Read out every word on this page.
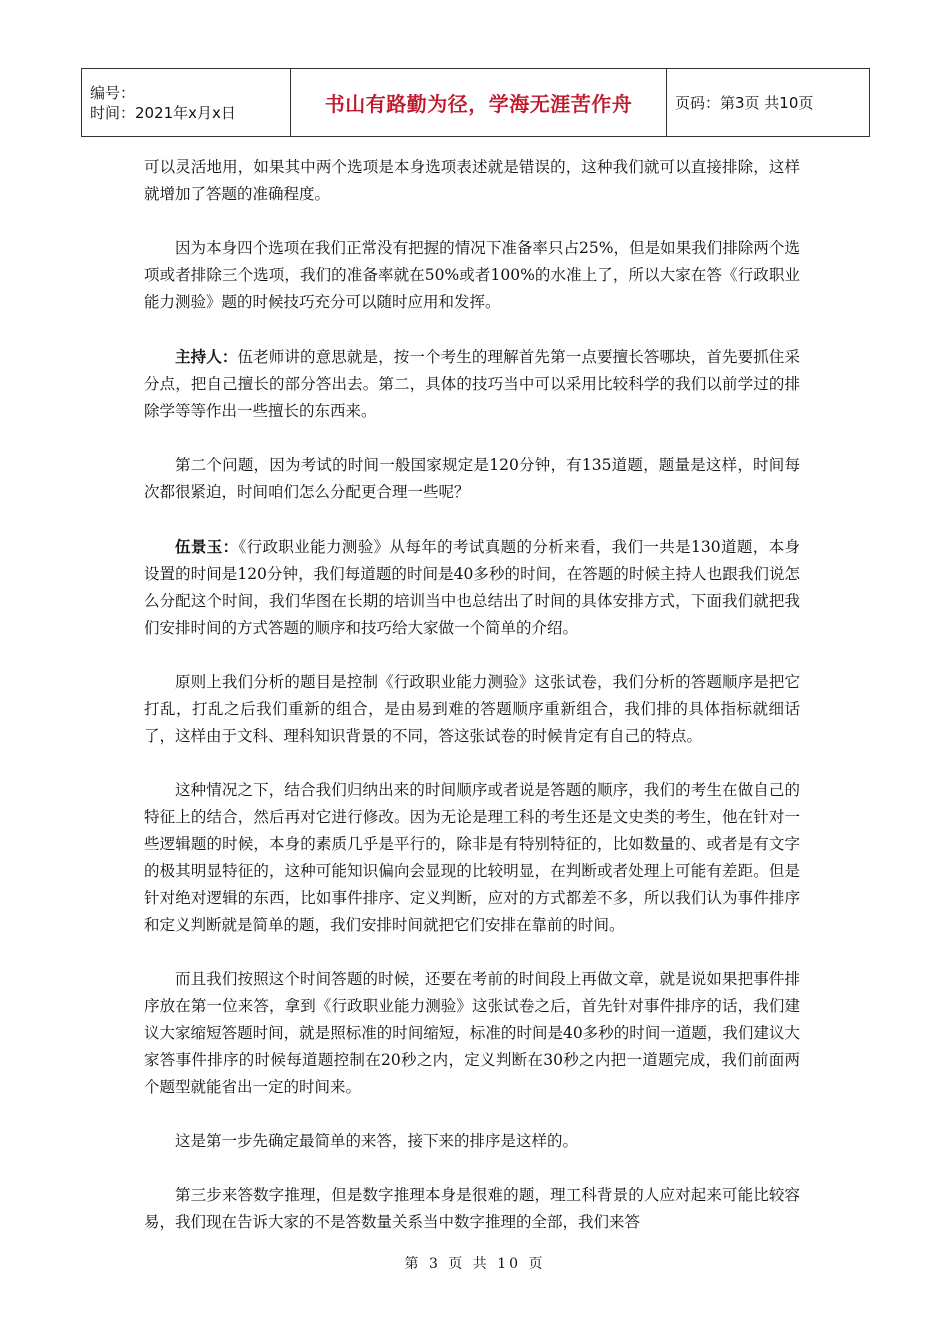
编号：
时间：2021年x月x日	书山有路勤为径，学海无涯苦作舟	页码：第3页 共10页

可以灵活地用，如果其中两个选项是本身选项表述就是错误的，这种我们就可以直接排除，这样就增加了答题的准确程度。

因为本身四个选项在我们正常没有把握的情况下准备率只占25%，但是如果我们排除两个选项或者排除三个选项，我们的准备率就在50%或者100%的水准上了，所以大家在答《行政职业能力测验》题的时候技巧充分可以随时应用和发挥。

主持人：伍老师讲的意思就是，按一个考生的理解首先第一点要擅长答哪块，首先要抓住采分点，把自己擅长的部分答出去。第二，具体的技巧当中可以采用比较科学的我们以前学过的排除学等等作出一些擅长的东西来。

第二个问题，因为考试的时间一般国家规定是120分钟，有135道题，题量是这样，时间每次都很紧迫，时间咱们怎么分配更合理一些呢？

伍景玉：《行政职业能力测验》从每年的考试真题的分析来看，我们一共是130道题，本身设置的时间是120分钟，我们每道题的时间是40多秒的时间，在答题的时候主持人也跟我们说怎么分配这个时间，我们华图在长期的培训当中也总结出了时间的具体安排方式，下面我们就把我们安排时间的方式答题的顺序和技巧给大家做一个简单的介绍。

原则上我们分析的题目是控制《行政职业能力测验》这张试卷，我们分析的答题顺序是把它打乱，打乱之后我们重新的组合，是由易到难的答题顺序重新组合，我们排的具体指标就细话了，这样由于文科、理科知识背景的不同，答这张试卷的时候肯定有自己的特点。

这种情况之下，结合我们归纳出来的时间顺序或者说是答题的顺序，我们的考生在做自己的特征上的结合，然后再对它进行修改。因为无论是理工科的考生还是文史类的考生，他在针对一些逻辑题的时候，本身的素质几乎是平行的，除非是有特别特征的，比如数量的、或者是有文字的极其明显特征的，这种可能知识偏向会显现的比较明显，在判断或者处理上可能有差距。但是针对绝对逻辑的东西，比如事件排序、定义判断，应对的方式都差不多，所以我们认为事件排序和定义判断就是简单的题，我们安排时间就把它们安排在靠前的时间。

而且我们按照这个时间答题的时候，还要在考前的时间段上再做文章，就是说如果把事件排序放在第一位来答，拿到《行政职业能力测验》这张试卷之后，首先针对事件排序的话，我们建议大家缩短答题时间，就是照标准的时间缩短，标准的时间是40多秒的时间一道题，我们建议大家答事件排序的时候每道题控制在20秒之内，定义判断在30秒之内把一道题完成，我们前面两个题型就能省出一定的时间来。

这是第一步先确定最简单的来答，接下来的排序是这样的。

第三步来答数字推理，但是数字推理本身是很难的题，理工科背景的人应对起来可能比较容易，我们现在告诉大家的不是答数量关系当中数字推理的全部，我们来答

第 3 页 共 10 页
